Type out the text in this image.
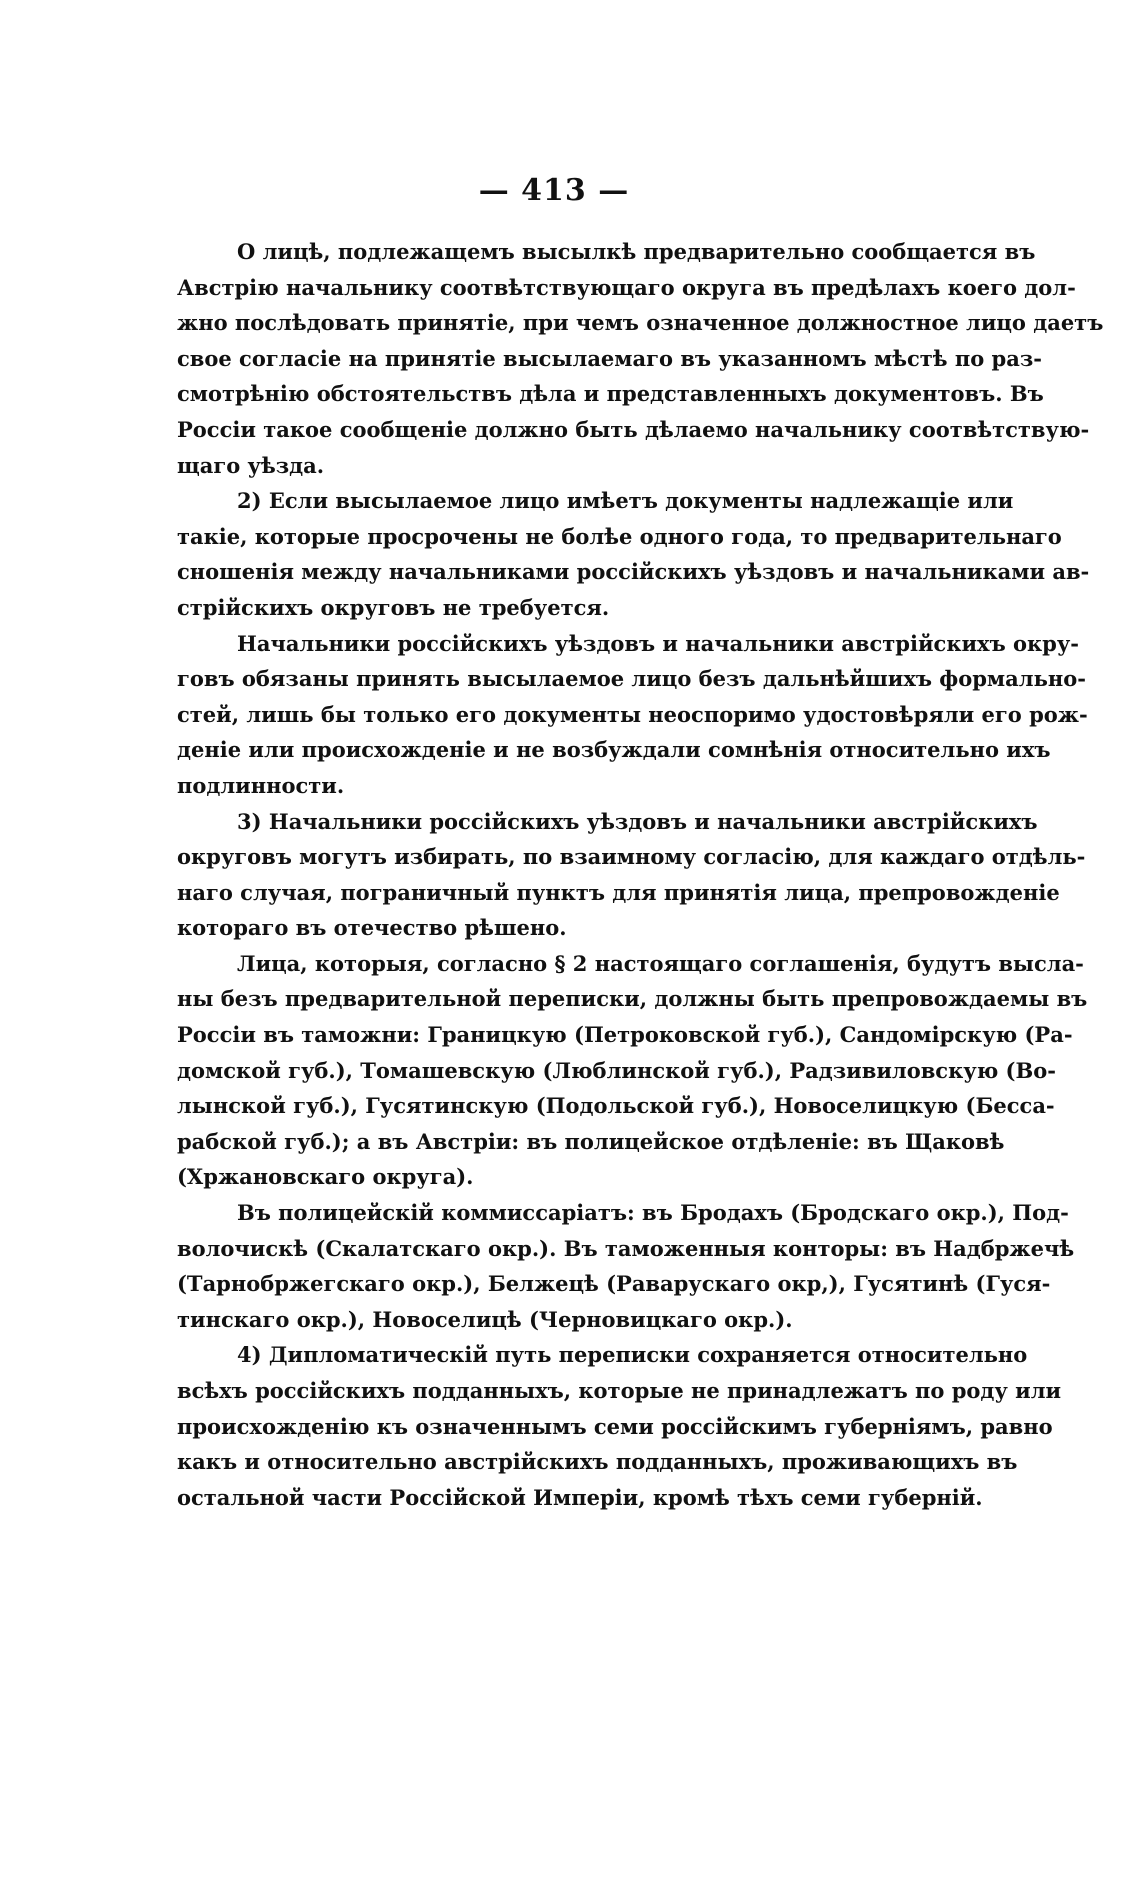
— 413 —
О лицѣ, подлежащемъ высылкѣ предварительно сообщается въ
Австрію начальнику соотвѣтствующаго округа въ предѣлахъ коего дол-
жно послѣдовать принятіе, при чемъ означенное должностное лицо даетъ
свое согласіе на принятіе высылаемаго въ указанномъ мѣстѣ по раз-
смотрѣнію обстоятельствъ дѣла и представленныхъ документовъ. Въ
Россіи такое сообщеніе должно быть дѣлаемо начальнику соотвѣтствую-
щаго уѣзда.
2) Если высылаемое лицо имѣетъ документы надлежащіе или
такіе, которые просрочены не болѣе одного года, то предварительнаго
сношенія между начальниками россійскихъ уѣздовъ и начальниками ав-
стрійскихъ округовъ не требуется.
Начальники россійскихъ уѣздовъ и начальники австрійскихъ окру-
говъ обязаны принять высылаемое лицо безъ дальнѣйшихъ формально-
стей, лишь бы только его документы неоспоримо удостовѣряли его рож-
деніе или происхожденіе и не возбуждали сомнѣнія относительно ихъ
подлинности.
3) Начальники россійскихъ уѣздовъ и начальники австрійскихъ
округовъ могутъ избирать, по взаимному согласію, для каждаго отдѣль-
наго случая, пограничный пунктъ для принятія лица, препровожденіе
котораго въ отечество рѣшено.
Лица, которыя, согласно § 2 настоящаго соглашенія, будутъ высла-
ны безъ предварительной переписки, должны быть препровождаемы въ
Россіи въ таможни: Границкую (Петроковской губ.), Сандомірскую (Ра-
домской губ.), Томашевскую (Люблинской губ.), Радзивиловскую (Во-
лынской губ.), Гусятинскую (Подольской губ.), Новоселицкую (Бесса-
рабской губ.); а въ Австріи: въ полицейское отдѣленіе: въ Щаковѣ
(Хржановскаго округа).
Въ полицейскій коммиссаріатъ: въ Бродахъ (Бродскаго окр.), Под-
волочискѣ (Скалатскаго окр.). Въ таможенныя конторы: въ Надбржечѣ
(Тарнобржегскаго окр.), Белжецѣ (Раваруcкаго окр,), Гусятинѣ (Гуся-
тинскаго окр.), Новоселицѣ (Черновицкаго окр.).
4) Дипломатическій путь переписки сохраняется относительно
всѣхъ россійскихъ подданныхъ, которые не принадлежатъ по роду или
происхожденію къ означеннымъ семи россійскимъ губерніямъ, равно
какъ и относительно австрійскихъ подданныхъ, проживающихъ въ
остальной части Россійской Имперіи, кромѣ тѣхъ семи губерній.
